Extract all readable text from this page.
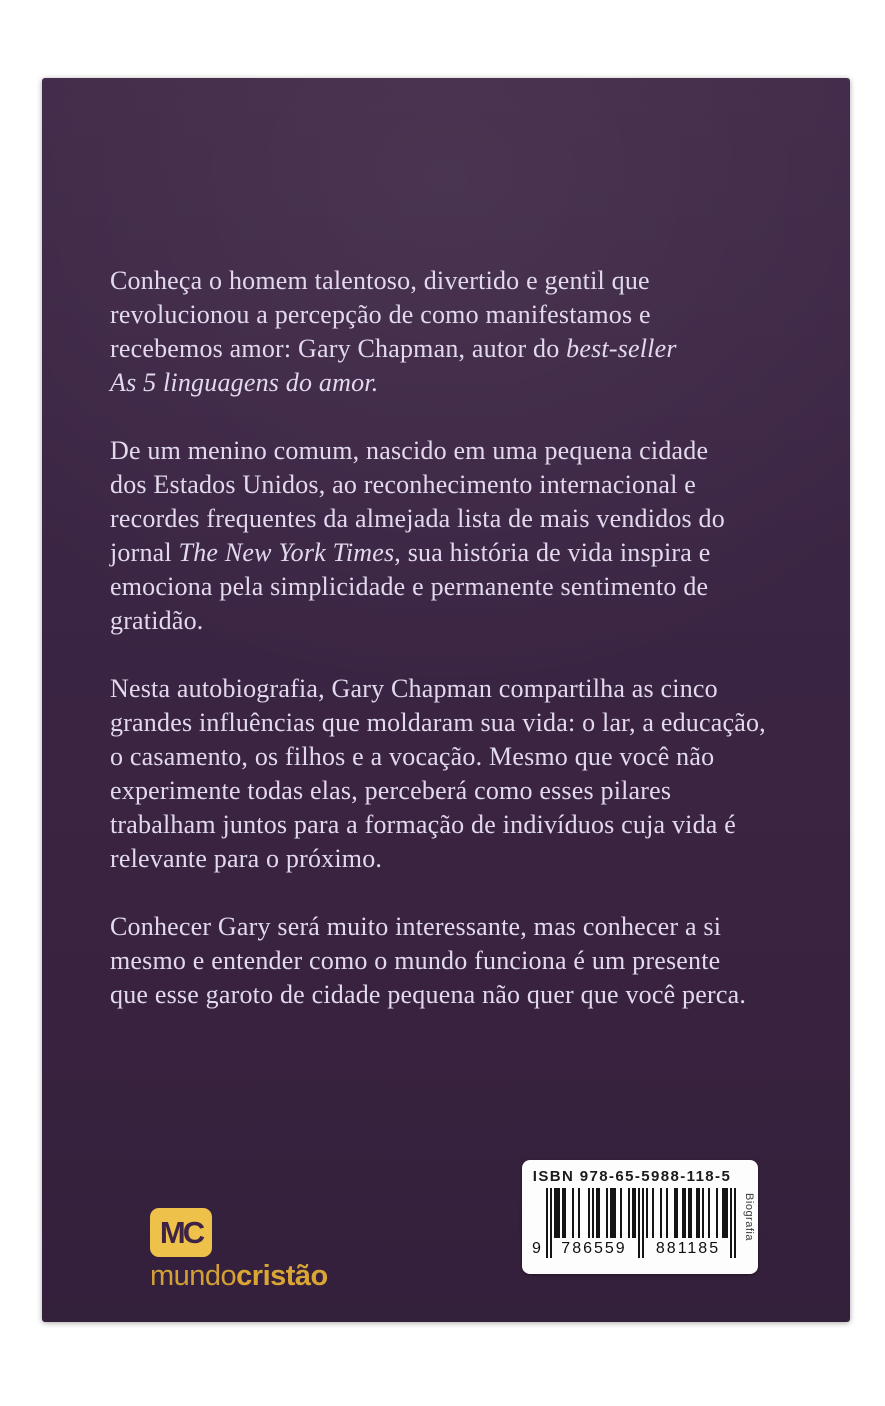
Conheça o homem talentoso, divertido e gentil que
revolucionou a percepção de como manifestamos e
recebemos amor: Gary Chapman, autor do best-seller
As 5 linguagens do amor.

De um menino comum, nascido em uma pequena cidade
dos Estados Unidos, ao reconhecimento internacional e
recordes frequentes da almejada lista de mais vendidos do
jornal The New York Times, sua história de vida inspira e
emociona pela simplicidade e permanente sentimento de
gratidão.

Nesta autobiografia, Gary Chapman compartilha as cinco
grandes influências que moldaram sua vida: o lar, a educação,
o casamento, os filhos e a vocação. Mesmo que você não
experimente todas elas, perceberá como esses pilares
trabalham juntos para a formação de indivíduos cuja vida é
relevante para o próximo.

Conhecer Gary será muito interessante, mas conhecer a si
mesmo e entender como o mundo funciona é um presente
que esse garoto de cidade pequena não quer que você perca.

MC
mundocristão
ISBN 978-65-5988-118-5
9	786559	881185
Biografia
